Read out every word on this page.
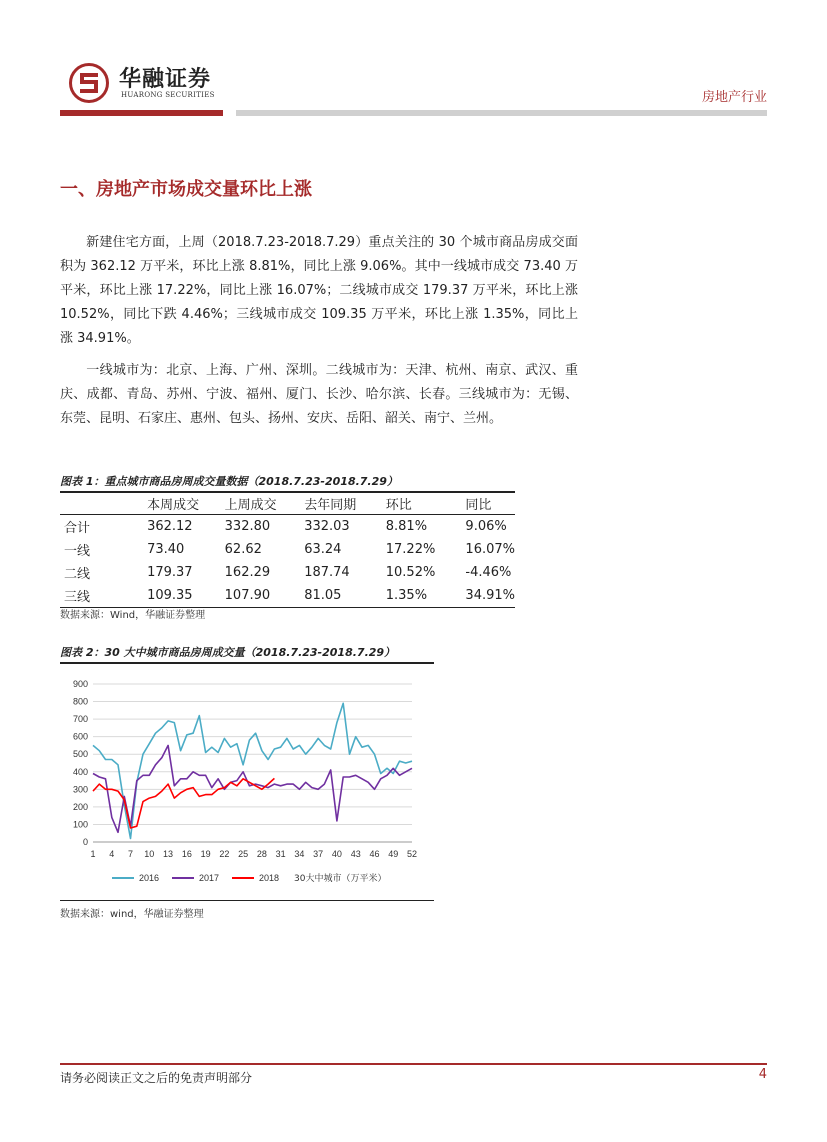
华融证券
HUARONG SECURITIES	房地产行业
一、房地产市场成交量环比上涨
新建住宅方面，上周（2018.7.23-2018.7.29）重点关注的 30 个城市商品房成交面积为 362.12 万平米，环比上涨 8.81%，同比上涨 9.06%。其中一线城市成交 73.40 万平米，环比上涨 17.22%，同比上涨 16.07%；二线城市成交 179.37 万平米，环比上涨 10.52%，同比下跌 4.46%；三线城市成交 109.35 万平米，环比上涨 1.35%，同比上涨 34.91%。
一线城市为：北京、上海、广州、深圳。二线城市为：天津、杭州、南京、武汉、重庆、成都、青岛、苏州、宁波、福州、厦门、长沙、哈尔滨、长春。三线城市为：无锡、东莞、昆明、石家庄、惠州、包头、扬州、安庆、岳阳、韶关、南宁、兰州。
图表 1：重点城市商品房周成交量数据（2018.7.23-2018.7.29）
	本周成交	上周成交	去年同期	环比	同比
合计	362.12	332.80	332.03	8.81%	9.06%
一线	73.40	62.62	63.24	17.22%	16.07%
二线	179.37	162.29	187.74	10.52%	-4.46%
三线	109.35	107.90	81.05	1.35%	34.91%
数据来源：Wind，华融证券整理
图表 2：30 大中城市商品房周成交量（2018.7.23-2018.7.29）
0
100
200
300
400
500
600
700
800
900
1 4 7 10 13 16 19 22 25 28 31 34 37 40 43 46 49 52
2016	2017	2018 30大中城市（万平米）
数据来源：wind，华融证券整理
请务必阅读正文之后的免责声明部分	4
